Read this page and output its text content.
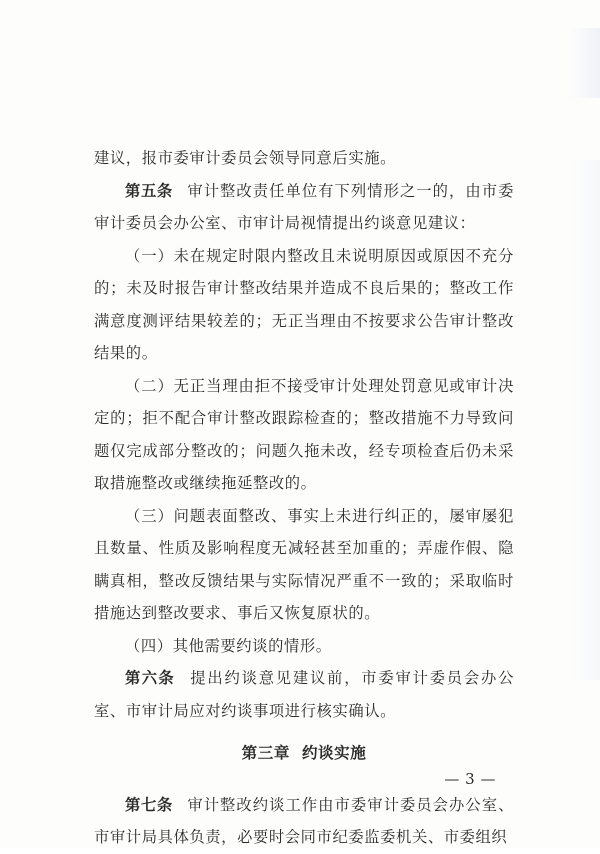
建议，报市委审计委员会领导同意后实施。

第五条 审计整改责任单位有下列情形之一的，由市委审计委员会办公室、市审计局视情提出约谈意见建议：

（一）未在规定时限内整改且未说明原因或原因不充分的；未及时报告审计整改结果并造成不良后果的；整改工作满意度测评结果较差的；无正当理由不按要求公告审计整改结果的。

（二）无正当理由拒不接受审计处理处罚意见或审计决定的；拒不配合审计整改跟踪检查的；整改措施不力导致问题仅完成部分整改的；问题久拖未改，经专项检查后仍未采取措施整改或继续拖延整改的。

（三）问题表面整改、事实上未进行纠正的，屡审屡犯且数量、性质及影响程度无减轻甚至加重的；弄虚作假、隐瞒真相，整改反馈结果与实际情况严重不一致的；采取临时措施达到整改要求、事后又恢复原状的。

（四）其他需要约谈的情形。

第六条 提出约谈意见建议前，市委审计委员会办公室、市审计局应对约谈事项进行核实确认。

第三章 约谈实施

第七条 审计整改约谈工作由市委审计委员会办公室、市审计局具体负责，必要时会同市纪委监委机关、市委组织

— 3 —
